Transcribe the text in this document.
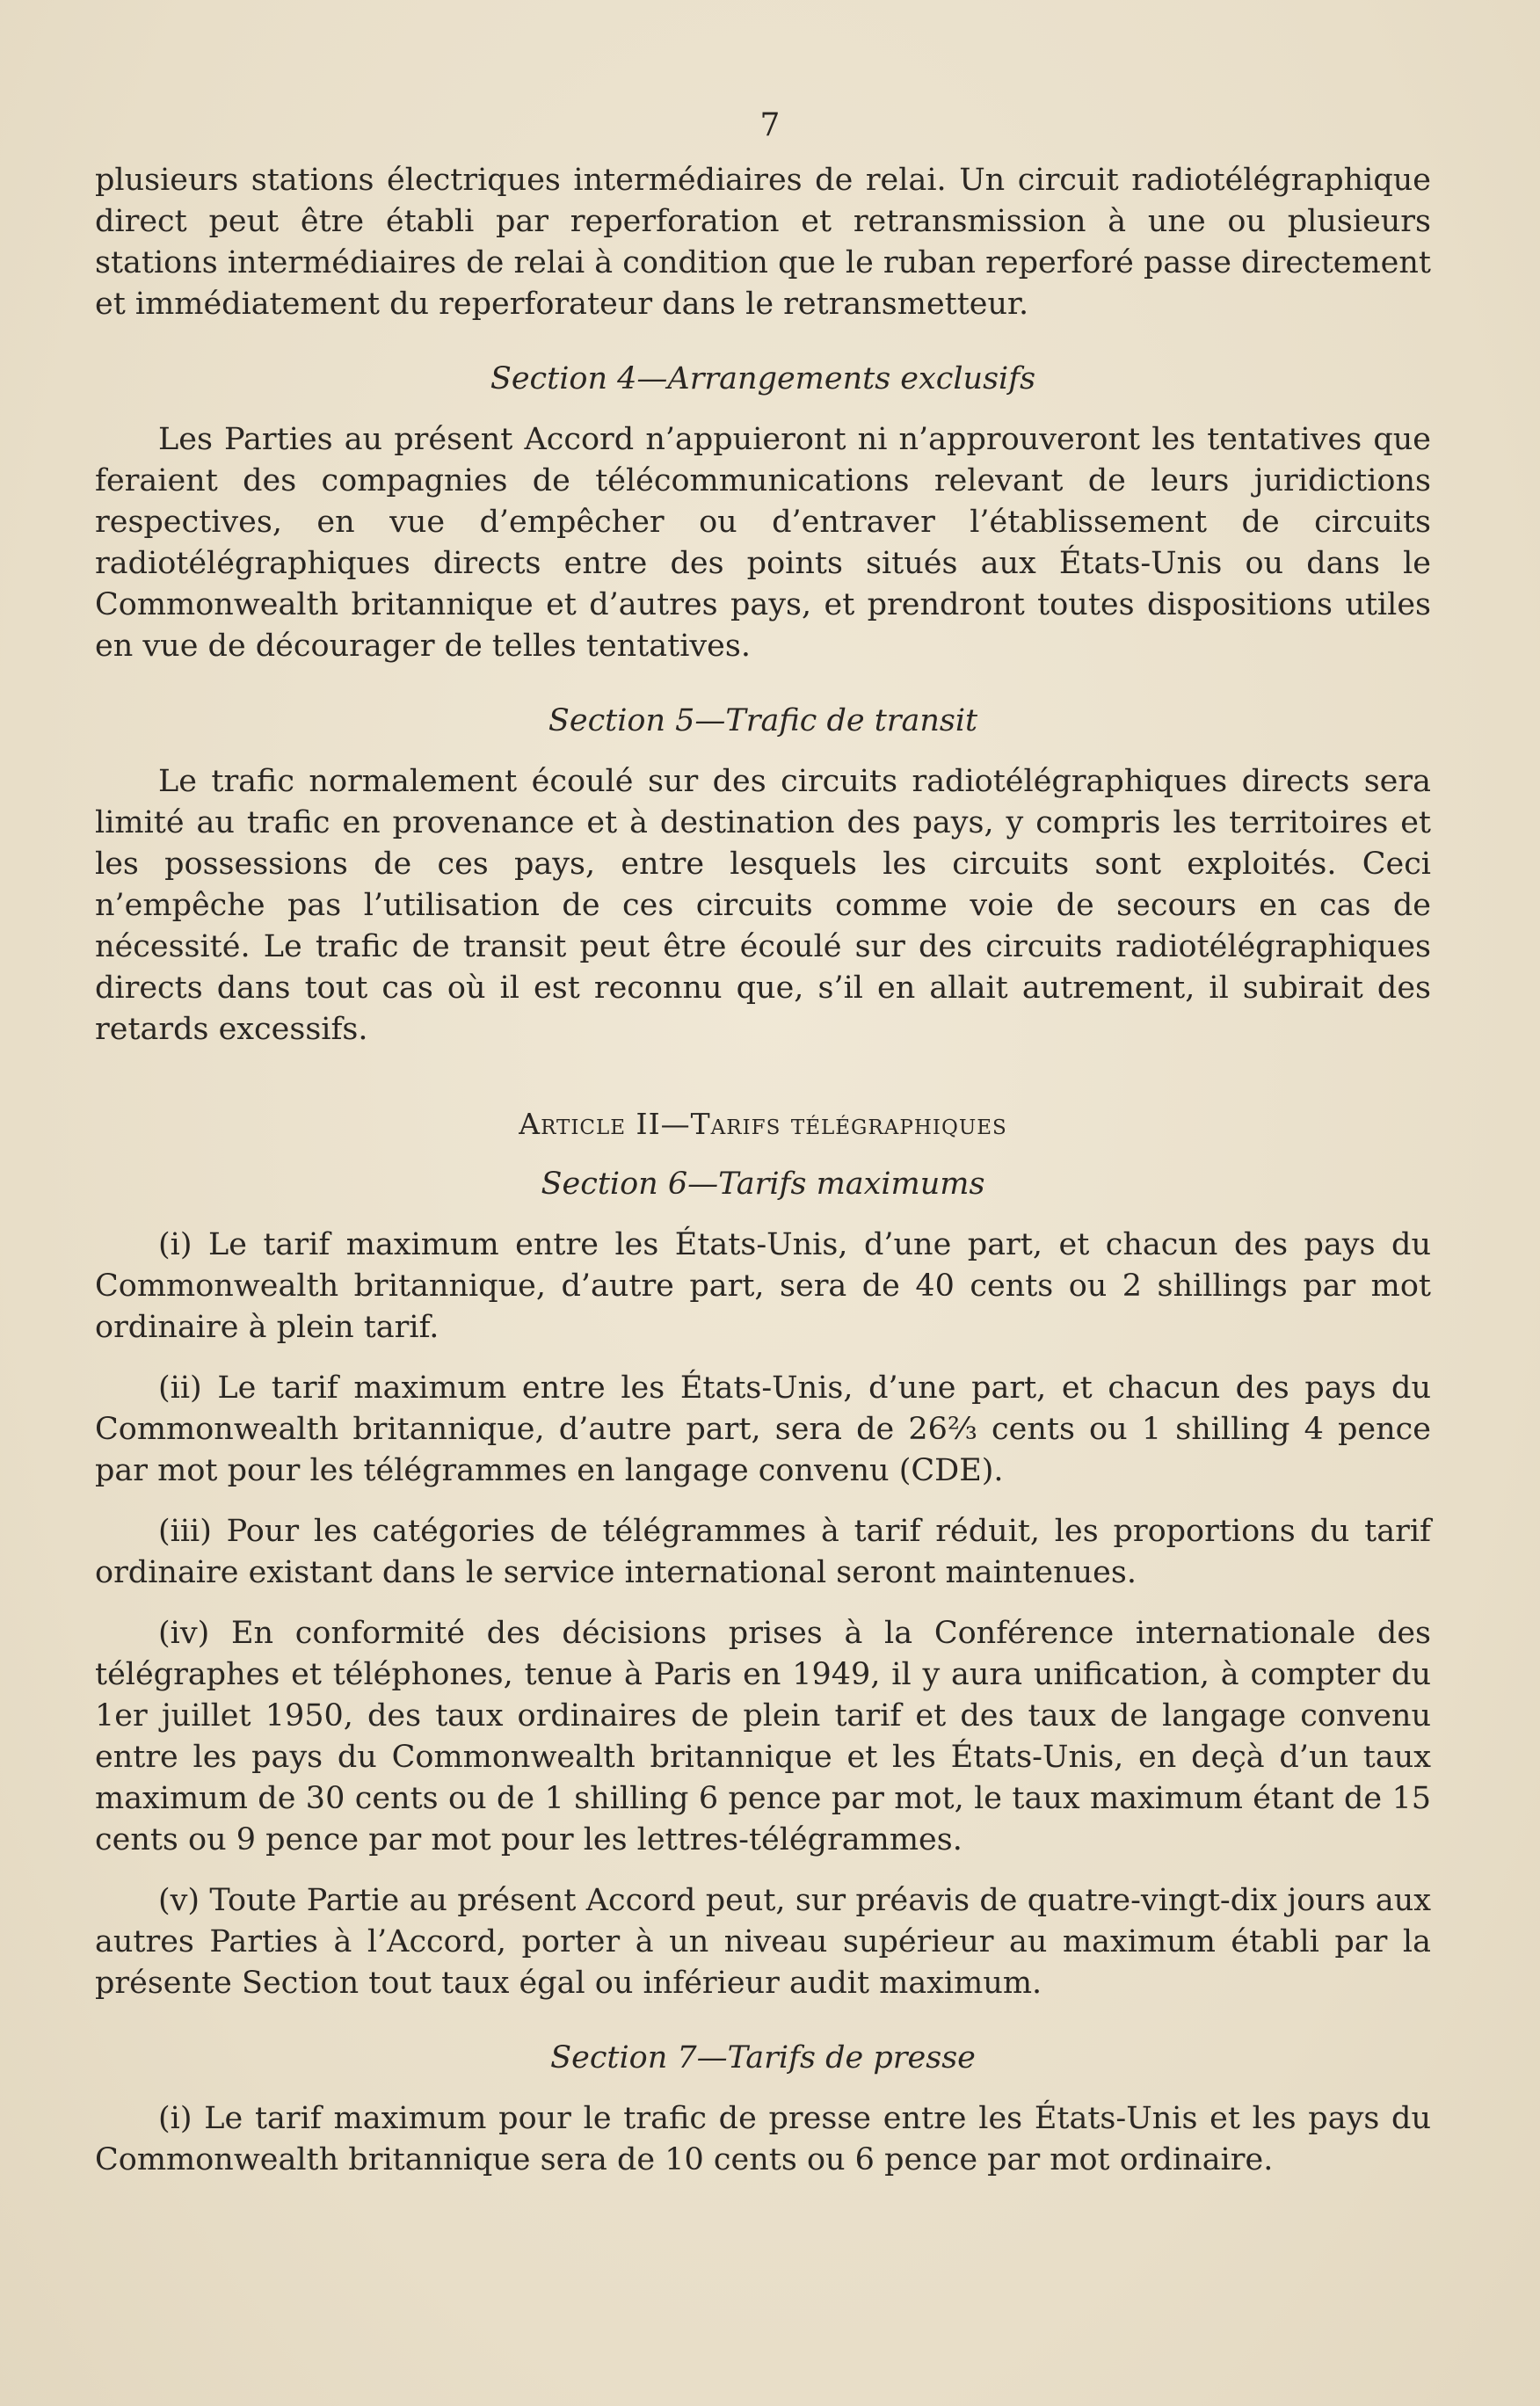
7

plusieurs stations électriques intermédiaires de relai. Un circuit radiotélégraphique direct peut être établi par reperforation et retransmission à une ou plusieurs stations intermédiaires de relai à condition que le ruban reperforé passe directement et immédiatement du reperforateur dans le retransmetteur.

Section 4—Arrangements exclusifs

Les Parties au présent Accord n’appuieront ni n’approuveront les tentatives que feraient des compagnies de télécommunications relevant de leurs juridictions respectives, en vue d’empêcher ou d’entraver l’établissement de circuits radiotélégraphiques directs entre des points situés aux États-Unis ou dans le Commonwealth britannique et d’autres pays, et prendront toutes dispositions utiles en vue de décourager de telles tentatives.

Section 5—Trafic de transit

Le trafic normalement écoulé sur des circuits radiotélégraphiques directs sera limité au trafic en provenance et à destination des pays, y compris les territoires et les possessions de ces pays, entre lesquels les circuits sont exploités. Ceci n’empêche pas l’utilisation de ces circuits comme voie de secours en cas de nécessité. Le trafic de transit peut être écoulé sur des circuits radiotélégraphiques directs dans tout cas où il est reconnu que, s’il en allait autrement, il subirait des retards excessifs.

Article II—Tarifs télégraphiques
Section 6—Tarifs maximums

(i) Le tarif maximum entre les États-Unis, d’une part, et chacun des pays du Commonwealth britannique, d’autre part, sera de 40 cents ou 2 shillings par mot ordinaire à plein tarif.

(ii) Le tarif maximum entre les États-Unis, d’une part, et chacun des pays du Commonwealth britannique, d’autre part, sera de 26⅔ cents ou 1 shilling 4 pence par mot pour les télégrammes en langage convenu (CDE).

(iii) Pour les catégories de télégrammes à tarif réduit, les proportions du tarif ordinaire existant dans le service international seront maintenues.

(iv) En conformité des décisions prises à la Conférence internationale des télégraphes et téléphones, tenue à Paris en 1949, il y aura unification, à compter du 1er juillet 1950, des taux ordinaires de plein tarif et des taux de langage convenu entre les pays du Commonwealth britannique et les États-Unis, en deçà d’un taux maximum de 30 cents ou de 1 shilling 6 pence par mot, le taux maximum étant de 15 cents ou 9 pence par mot pour les lettres-télégrammes.

(v) Toute Partie au présent Accord peut, sur préavis de quatre-vingt-dix jours aux autres Parties à l’Accord, porter à un niveau supérieur au maximum établi par la présente Section tout taux égal ou inférieur audit maximum.

Section 7—Tarifs de presse

(i) Le tarif maximum pour le trafic de presse entre les États-Unis et les pays du Commonwealth britannique sera de 10 cents ou 6 pence par mot ordinaire.
